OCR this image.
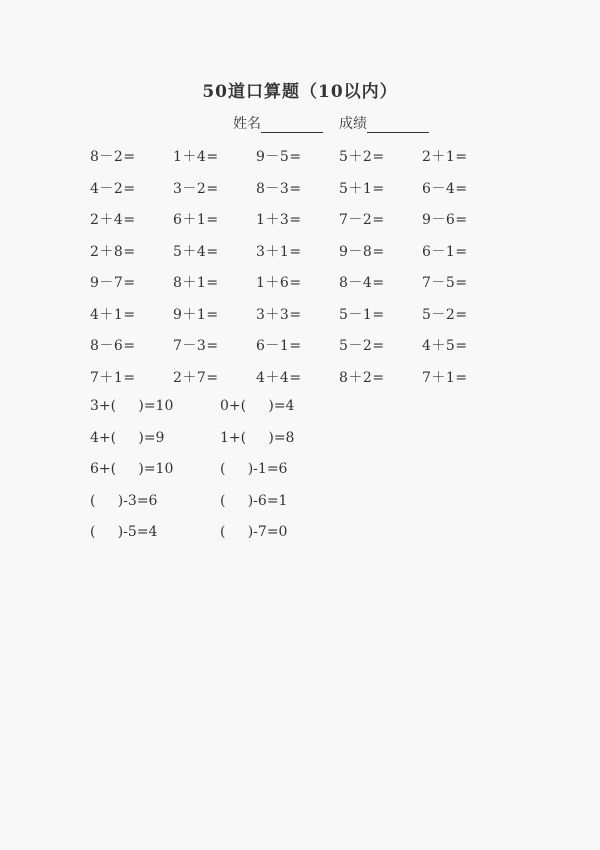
50道口算题（10以内）
姓名	成绩
8－2=	1＋4=	9－5=	5＋2=	2＋1=
4－2=	3－2=	8－3=	5＋1=	6－4=
2＋4=	6＋1=	1＋3=	7－2=	9－6=
2＋8=	5＋4=	3＋1=	9－8=	6－1=
9－7=	8＋1=	1＋6=	8－4=	7－5=
4＋1=	9＋1=	3＋3=	5－1=	5－2=
8－6=	7－3=	6－1=	5－2=	4＋5=
7＋1=	2＋7=	4＋4=	8＋2=	7＋1=
3+(     )=10	0+(     )=4
4+(     )=9	1+(     )=8
6+(     )=10	(     )-1=6
(     )-3=6	(     )-6=1
(     )-5=4	(     )-7=0
